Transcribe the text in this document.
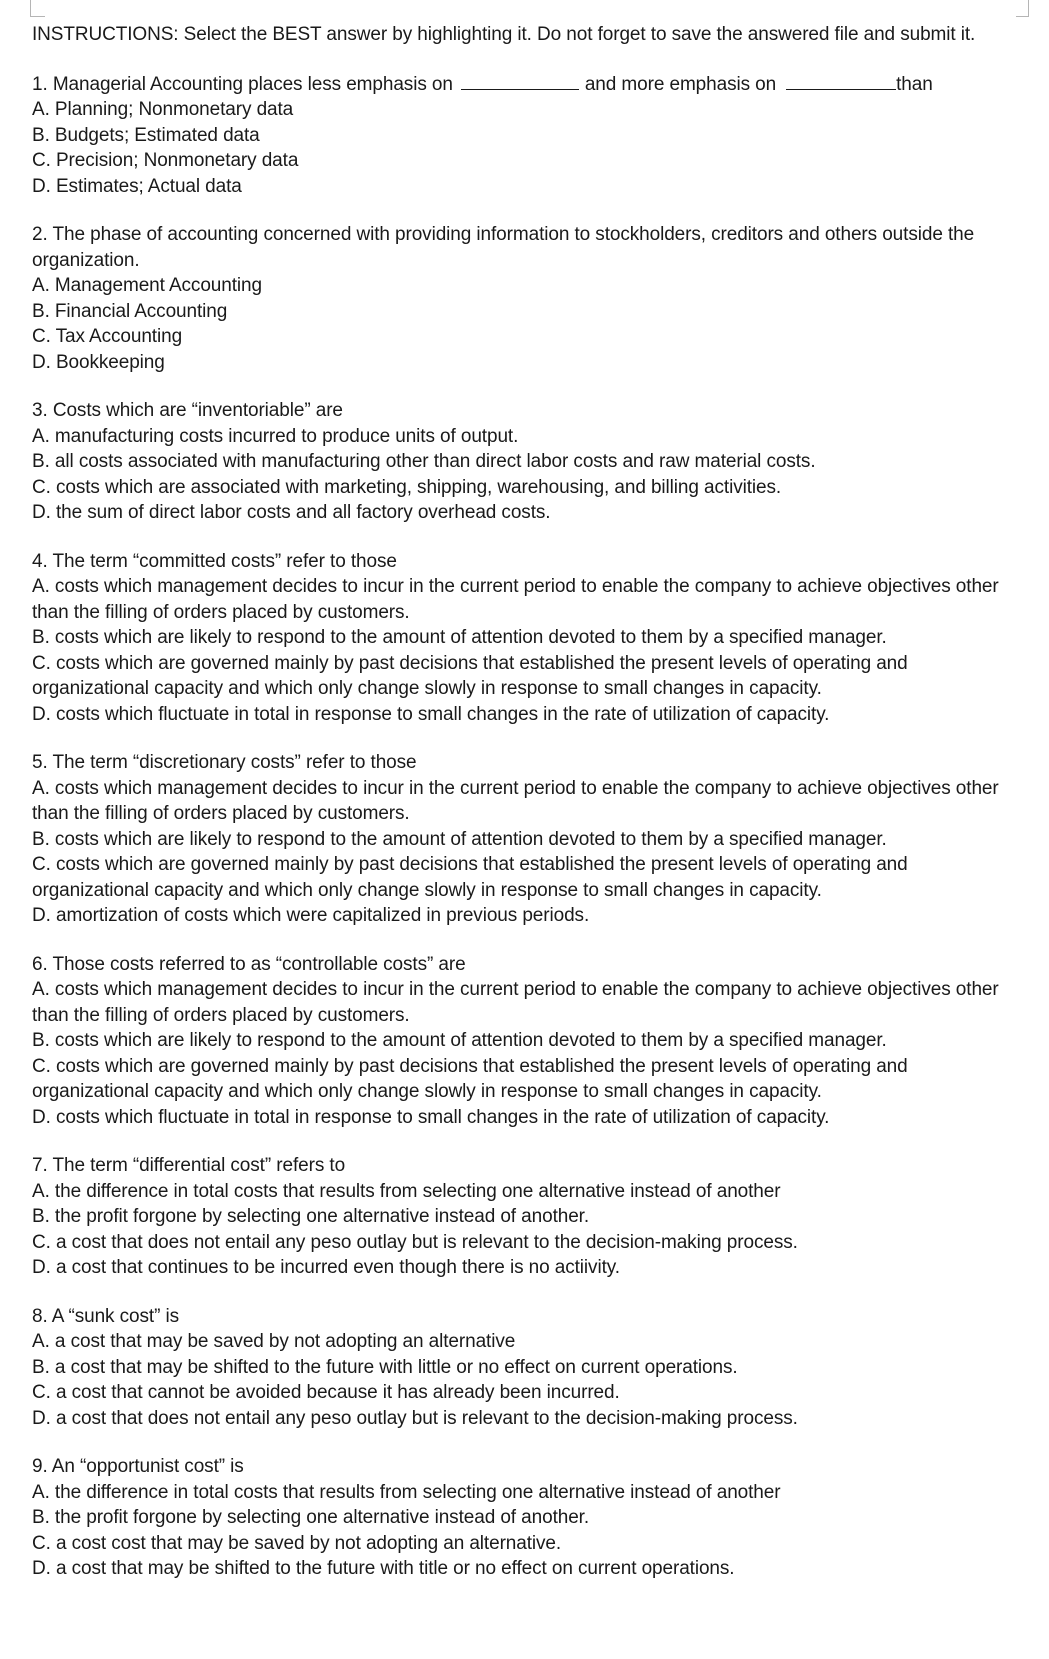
INSTRUCTIONS: Select the BEST answer by highlighting it. Do not forget to save the answered file and submit it.

1. Managerial Accounting places less emphasis on	and more emphasis on	than
A. Planning; Nonmonetary data
B. Budgets; Estimated data
C. Precision; Nonmonetary data
D. Estimates; Actual data
2. The phase of accounting concerned with providing information to stockholders, creditors and others outside the organization.
A. Management Accounting
B. Financial Accounting
C. Tax Accounting
D. Bookkeeping
3. Costs which are “inventoriable” are
A. manufacturing costs incurred to produce units of output.
B. all costs associated with manufacturing other than direct labor costs and raw material costs.
C. costs which are associated with marketing, shipping, warehousing, and billing activities.
D. the sum of direct labor costs and all factory overhead costs.
4. The term “committed costs” refer to those
A. costs which management decides to incur in the current period to enable the company to achieve objectives other than the filling of orders placed by customers.
B. costs which are likely to respond to the amount of attention devoted to them by a specified manager.
C. costs which are governed mainly by past decisions that established the present levels of operating and organizational capacity and which only change slowly in response to small changes in capacity.
D. costs which fluctuate in total in response to small changes in the rate of utilization of capacity.
5. The term “discretionary costs” refer to those
A. costs which management decides to incur in the current period to enable the company to achieve objectives other than the filling of orders placed by customers.
B. costs which are likely to respond to the amount of attention devoted to them by a specified manager.
C. costs which are governed mainly by past decisions that established the present levels of operating and organizational capacity and which only change slowly in response to small changes in capacity.
D. amortization of costs which were capitalized in previous periods.
6. Those costs referred to as “controllable costs” are
A. costs which management decides to incur in the current period to enable the company to achieve objectives other than the filling of orders placed by customers.
B. costs which are likely to respond to the amount of attention devoted to them by a specified manager.
C. costs which are governed mainly by past decisions that established the present levels of operating and organizational capacity and which only change slowly in response to small changes in capacity.
D. costs which fluctuate in total in response to small changes in the rate of utilization of capacity.
7. The term “differential cost” refers to
A. the difference in total costs that results from selecting one alternative instead of another
B. the profit forgone by selecting one alternative instead of another.
C. a cost that does not entail any peso outlay but is relevant to the decision-making process.
D. a cost that continues to be incurred even though there is no actiivity.
8. A “sunk cost” is
A. a cost that may be saved by not adopting an alternative
B. a cost that may be shifted to the future with little or no effect on current operations.
C. a cost that cannot be avoided because it has already been incurred.
D. a cost that does not entail any peso outlay but is relevant to the decision-making process.
9. An “opportunist cost” is
A. the difference in total costs that results from selecting one alternative instead of another
B. the profit forgone by selecting one alternative instead of another.
C. a cost cost that may be saved by not adopting an alternative.
D. a cost that may be shifted to the future with title or no effect on current operations.
